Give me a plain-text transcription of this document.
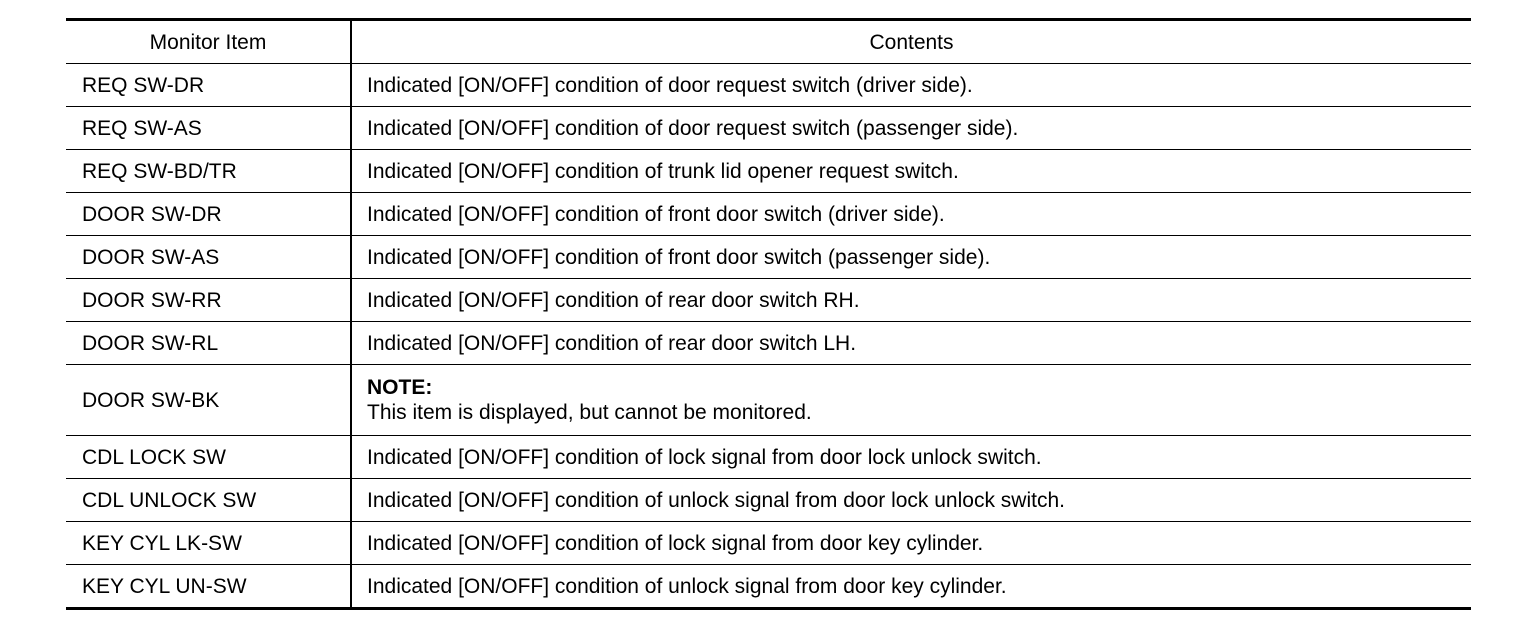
Monitor Item	Contents
REQ SW-DR	Indicated [ON/OFF] condition of door request switch (driver side).
REQ SW-AS	Indicated [ON/OFF] condition of door request switch (passenger side).
REQ SW-BD/TR	Indicated [ON/OFF] condition of trunk lid opener request switch.
DOOR SW-DR	Indicated [ON/OFF] condition of front door switch (driver side).
DOOR SW-AS	Indicated [ON/OFF] condition of front door switch (passenger side).
DOOR SW-RR	Indicated [ON/OFF] condition of rear door switch RH.
DOOR SW-RL	Indicated [ON/OFF] condition of rear door switch LH.
DOOR SW-BK	NOTE:
This item is displayed, but cannot be monitored.

CDL LOCK SW	Indicated [ON/OFF] condition of lock signal from door lock unlock switch.
CDL UNLOCK SW	Indicated [ON/OFF] condition of unlock signal from door lock unlock switch.
KEY CYL LK-SW	Indicated [ON/OFF] condition of lock signal from door key cylinder.
KEY CYL UN-SW	Indicated [ON/OFF] condition of unlock signal from door key cylinder.
